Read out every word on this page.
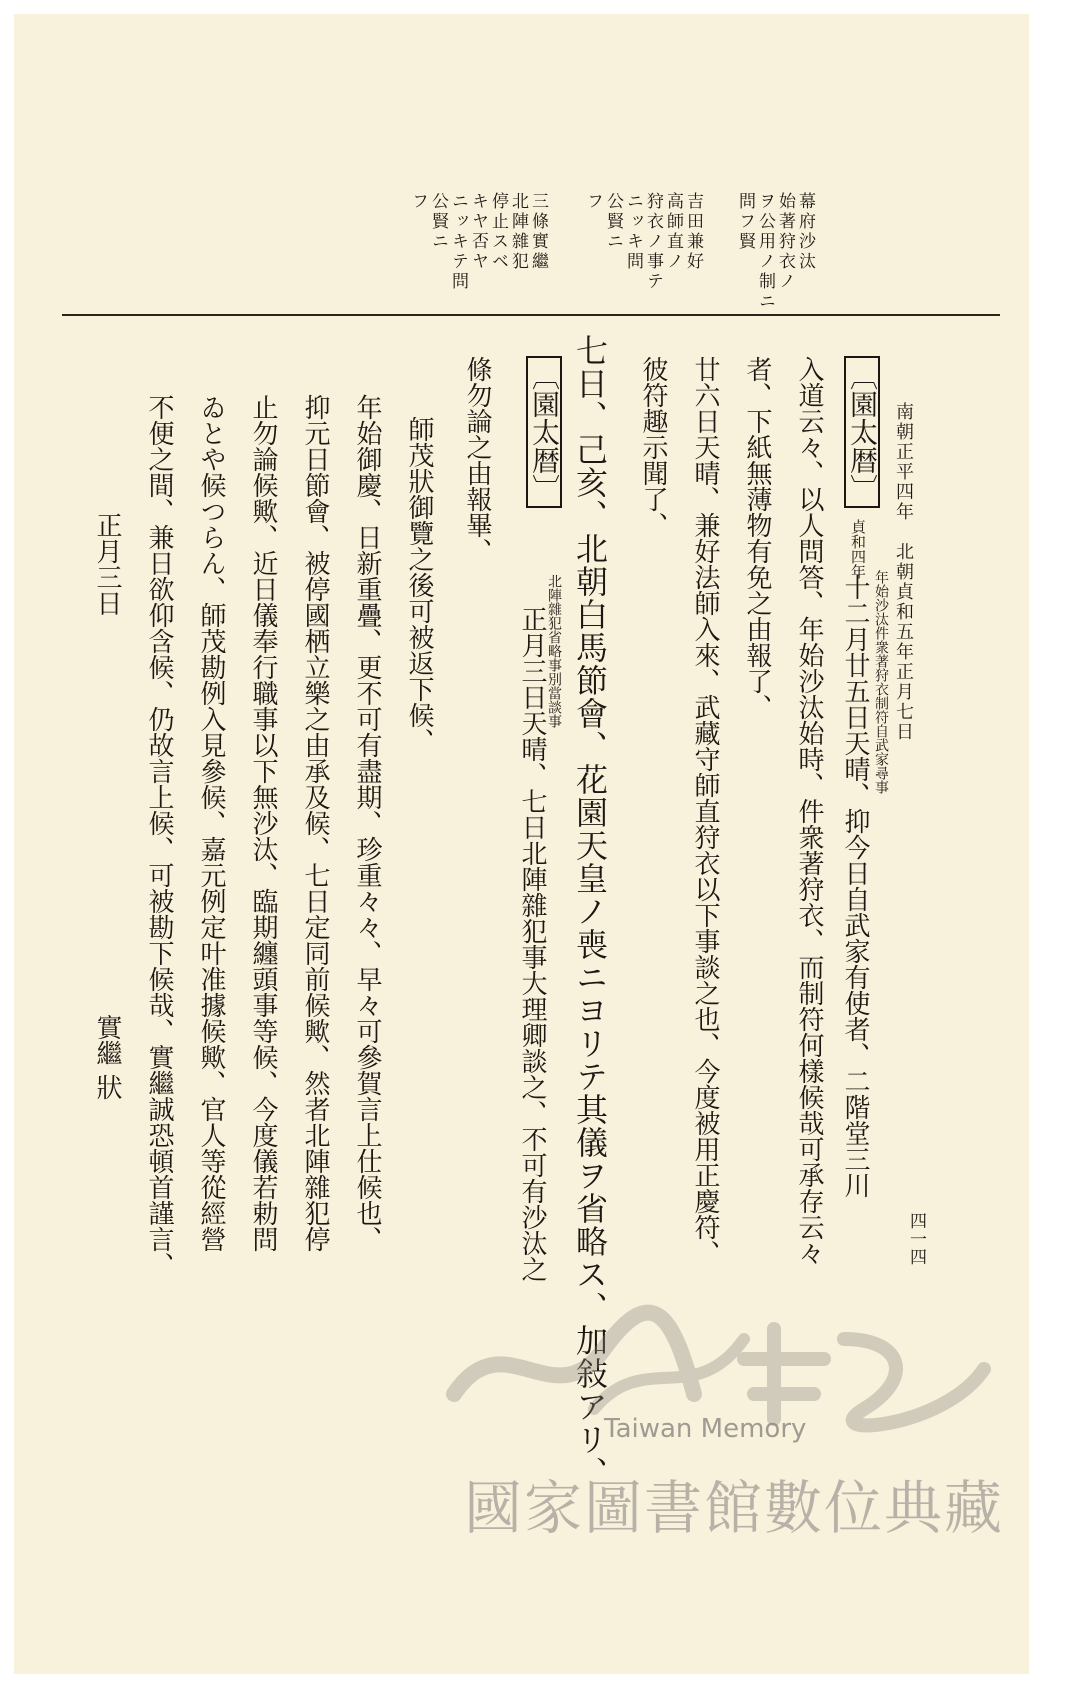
南朝正平四年　北朝貞和五年正月七日
四一四
幕府沙汰
始著狩衣ノ
ヲ公用ノ制ニ
問フ賢
吉田兼好
高師直ノ
狩衣ノ事テ
ニッキ問
公賢ニ
フ
三條實繼
北陣雜犯
停止スベ
キヤ否ヤ
ニッキテ問
公賢ニ
フ
〔園太暦〕
貞和四年
十二月廿五日天晴、抑今日自武家有使者、二階堂三川 年始沙汰件衆著狩衣制符自武家尋事
入道云々、以人問答、年始沙汰始時、件衆著狩衣、而制符何樣候哉可承存云々
者、下紙無薄物有免之由報了、
廿六日天晴、兼好法師入來、武藏守師直狩衣以下事談之也、今度被用正慶符、
彼符趣示聞了、
七日、己亥、北朝白馬節會、花園天皇ノ喪ニヨリテ其儀ヲ省略ス、加敍アリ、
〔園太暦〕
正月三日天晴、七日北陣雜犯事大理卿談之、不可有沙汰之 北陣雜犯省略事別當談事
條勿論之由報畢、
師茂狀御覽之後可被返下候、
年始御慶、日新重疊、更不可有盡期、珍重々々、早々可參賀言上仕候也、
抑元日節會、被停國栖立樂之由承及候、七日定同前候歟、然者北陣雜犯停
止勿論候歟、近日儀奉行職事以下無沙汰、臨期纏頭事等候、今度儀若勅問
ゐとや候つらん、師茂勘例入見參候、嘉元例定叶准據候歟、官人等從經營
不便之間、兼日欲仰含候、仍故言上候、可被勘下候哉、實繼誠恐頓首謹言、
正月三日
實繼 狀
Taiwan Memory
國家圖書館數位典藏
